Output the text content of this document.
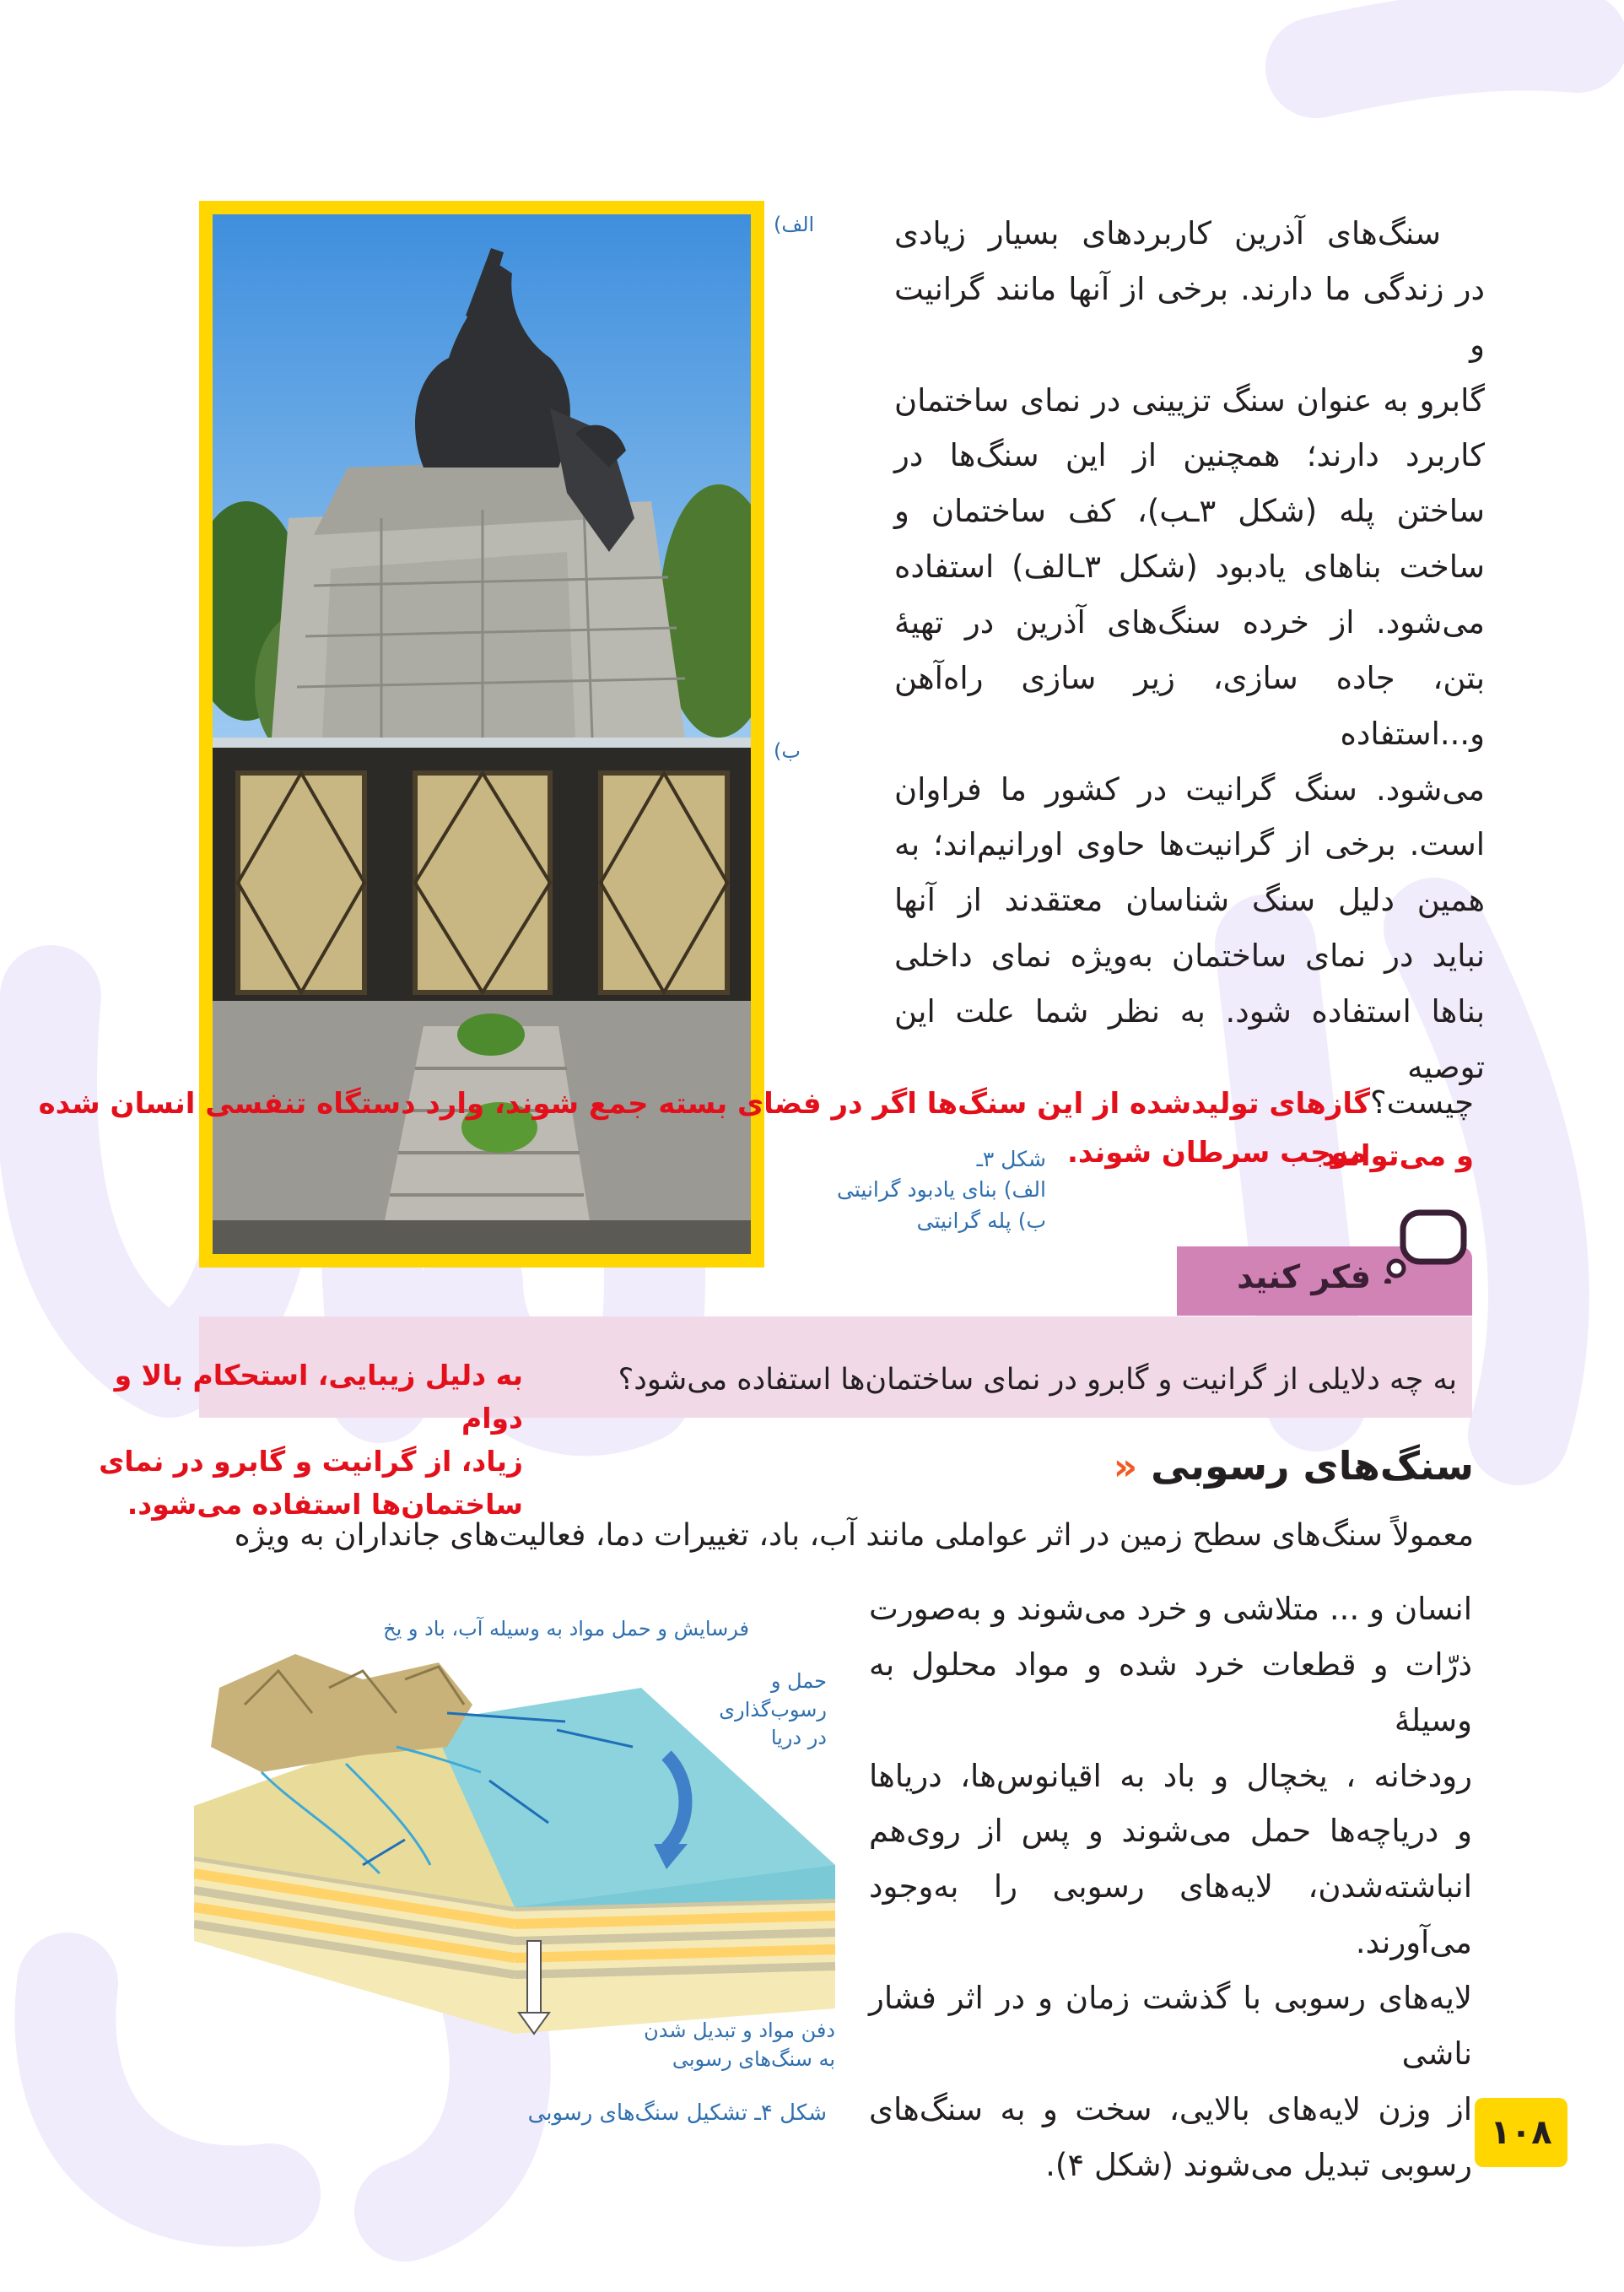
الف)
ب)
سنگ‌های آذرین کاربردهای بسیار زیادی
در زندگی ما دارند. برخی از آنها مانند گرانیت و
گابرو به عنوان سنگ تزیینی در نمای ساختمان
کاربرد دارند؛ همچنین از این سنگ‌ها در
ساختن پله (شکل ۳ـب)، کف ساختمان و
ساخت بناهای یادبود (شکل ۳ـالف) استفاده
می‌شود. از خرده سنگ‌های آذرین در تهیهٔ
بتن، جاده سازی، زیر سازی راه‌آهن و...استفاده
می‌شود. سنگ گرانیت در کشور ما فراوان
است. برخی از گرانیت‌ها حاوی اورانیم‌اند؛ به
همین دلیل سنگ شناسان معتقدند از آنها
نباید در نمای ساختمان به‌ویژه نمای داخلی
بناها استفاده شود. به نظر شما علت این توصیه
چیست؟گازهای تولیدشده از این سنگ‌ها اگر در فضای بسته جمع شوند، وارد دستگاه تنفسی انسان شده و می‌توانند
موجب سرطان شوند.
شکل ۳ـ
الف) بنای یادبود گرانیتی
ب) پله گرانیتی
فکر کنید
به چه دلایلی از گرانیت و گابرو در نمای ساختمان‌ها استفاده می‌شود؟
به دلیل زیبایی، استحکام بالا و دوام
زیاد، از گرانیت و گابرو در نمای
ساختمان‌ها استفاده می‌شود.
سنگ‌های رسوبی «
معمولاً سنگ‌های سطح زمین در اثر عواملی مانند آب، باد، تغییرات دما، فعالیت‌های جانداران به ویژه
انسان و ... متلاشی و خرد می‌شوند و به‌صورت
ذرّات و قطعات خرد شده و مواد محلول به وسیلهٔ
رودخانه ، یخچال و باد به اقیانوس‌ها، دریاها
و دریاچه‌ها حمل می‌شوند و پس از روی‌هم
انباشته‌شدن، لایه‌های رسوبی را به‌وجود می‌آورند.
لایه‌های رسوبی با گذشت زمان و در اثر فشار ناشی
از وزن لایه‌های بالایی، سخت و به سنگ‌های
رسوبی تبدیل می‌شوند (شکل ۴).
فرسایش و حمل مواد به وسیله آب، باد و یخ
حمل و رسوب‌گذاری
در دریا
دفن مواد و تبدیل شدن
به سنگ‌های رسوبی
شکل ۴ـ تشکیل سنگ‌های رسوبی	۱۰۸
